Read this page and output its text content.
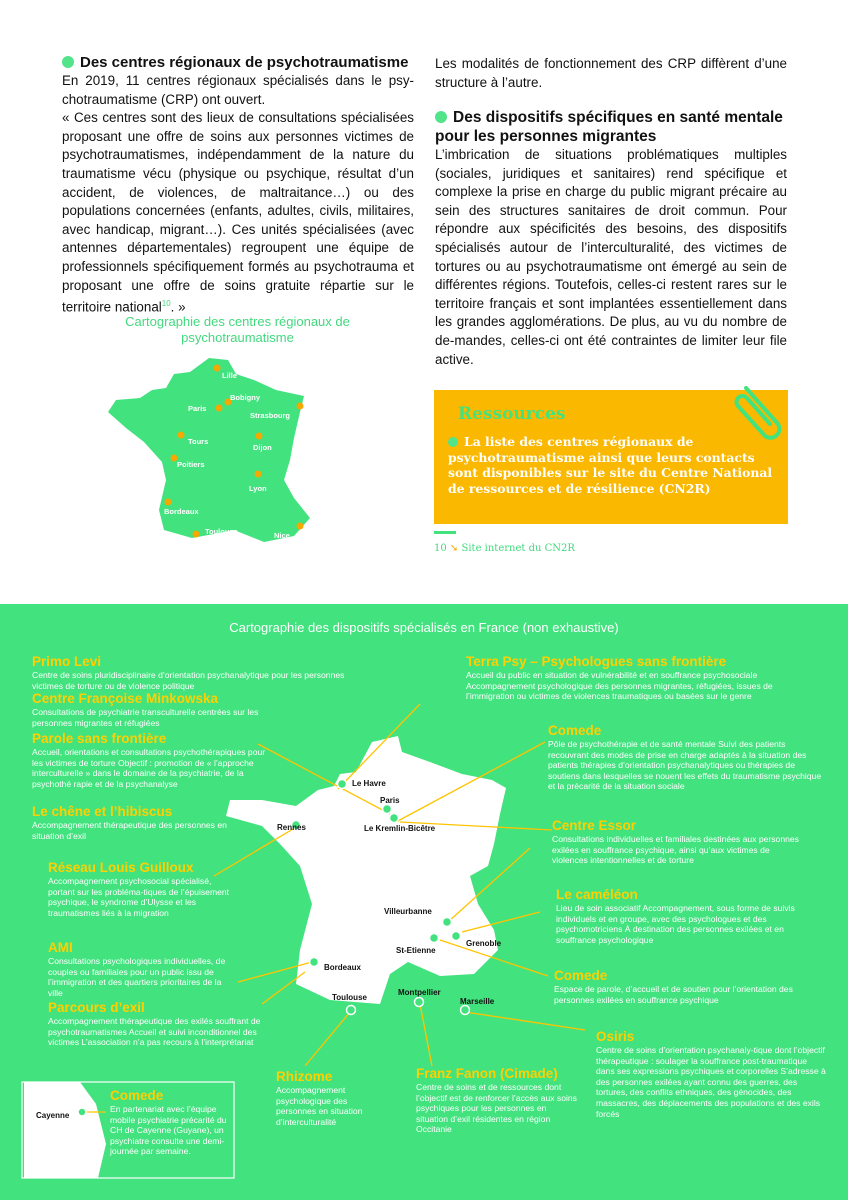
Des centres régionaux de psychotraumatisme
En 2019, 11 centres régionaux spécialisés dans le psy-chotraumatisme (CRP) ont ouvert.
« Ces centres sont des lieux de consultations spécialisées proposant une offre de soins aux personnes victimes de psychotraumatismes, indépendamment de la nature du traumatisme vécu (physique ou psychique, résultat d’un accident, de violences, de maltraitance…) ou des populations concernées (enfants, adultes, civils, militaires, avec handicap, migrant…). Ces unités spécialisées (avec antennes départementales) regroupent une équipe de professionnels spécifiquement formés au psychotrauma et proposant une offre de soins gratuite répartie sur le territoire national$^{10}$. »
Cartographie des centres régionaux de psychotraumatisme
Lille
Bobigny
Paris
Strasbourg
Tours
Dijon
Poitiers
Lyon
Bordeaux
Toulouse	Nice
Les modalités de fonctionnement des CRP diffèrent d’une structure à l’autre.
Des dispositifs spécifiques en santé mentale pour les personnes migrantes
L’imbrication de situations problématiques multiples (sociales, juridiques et sanitaires) rend spécifique et complexe la prise en charge du public migrant précaire au sein des structures sanitaires de droit commun. Pour répondre aux spécificités des besoins, des dispositifs spécialisés autour de l’interculturalité, des victimes de tortures ou au psychotraumatisme ont émergé au sein de différentes régions. Toutefois, celles-ci restent rares sur le territoire français et sont implantées essentiellement dans les grandes agglomérations. De plus, au vu du nombre de de-mandes, celles-ci ont été contraintes de limiter leur file active.
Ressources
La liste des centres régionaux de psychotraumatisme ainsi que leurs contacts sont disponibles sur le site du Centre National de ressources et de résilience (CN2R)
10 ➘ Site internet du CN2R
Cartographie des dispositifs spécialisés en France (non exhaustive)
Le Havre
Paris
Le Kremlin-Bicêtre
Rennes
Villeurbanne
Grenoble
St-Etienne
Bordeaux
Toulouse
Montpellier
Marseille
Cayenne
Primo Levi
Centre de soins pluridisciplinaire d’orientation psychanalytique pour les personnes victimes de torture ou de violence politique
Centre Françoise Minkowska
Consultations de psychiatrie transculturelle centrées sur les personnes migrantes et réfugiées
Parole sans frontière
Accueil, orientations et consultations psychothérapiques pour les victimes de torture Objectif : promotion de « l’approche interculturelle » dans le domaine de la psychiatrie, de la psychothé rapie et de la psychanalyse
Le chêne et l’hibiscus
Accompagnement thérapeutique des personnes en situation d’exil
Réseau Louis Guilloux
Accompagnement psychosocial spécialisé, portant sur les probléma-tiques de l’épuisement psychique, le syndrome d’Ulysse et les traumatismes liés à la migration
AMI
Consultations psychologiques individuelles, de couples ou familiales pour un public issu de l’immigration et des quartiers prioritaires de la ville
Parcours d’exil
Accompagnement thérapeutique des exilés souffrant de psychotraumatismes Accueil et suivi inconditionnel des victimes L’association n’a pas recours à l’interprétariat
Comede
En partenariat avec l’équipe mobile psychiatrie précarité du CH de Cayenne (Guyane), un psychiatre consulte une demi-journée par semaine.
Rhizome
Accompagnement psychologique des personnes en situation d’interculturalité
Franz Fanon (Cimade)
Centre de soins et de ressources dont l’objectif est de renforcer l’accès aux soins psychiques pour les personnes en situation d’exil résidentes en région Occitanie
Terra Psy – Psychologues sans frontière
Accueil du public en situation de vulnérabilité et en souffrance psychosociale Accompagnement psychologique des personnes migrantes, réfugiées, issues de l’immigration ou victimes de violences traumatiques ou basées sur le genre
Comede
Pôle de psychothérapie et de santé mentale Suivi des patients recouvrant des modes de prise en charge adaptés à la situation des patients thérapies d’orientation psychanalytiques ou thérapies de soutiens dans lesquelles se nouent les effets du traumatisme psychique et la précarité de la situation sociale
Centre Essor
Consultations individuelles et familiales destinées aux personnes exilées en souffrance psychique, ainsi qu’aux victimes de violences intentionnelles et de torture
Le caméléon
Lieu de soin associatif Accompagnement, sous forme de suivis individuels et en groupe, avec des psychologues et des psychomotriciens À destination des personnes exilées et en souffrance psychologique
Comede
Espace de parole, d’accueil et de soutien pour l’orientation des personnes exilées en souffrance psychique
Osiris
Centre de soins d’orientation psychanaly-tique dont l’objectif thérapeutique : soulager la souffrance post-traumatique dans ses expressions psychiques et corporelles S’adresse à des personnes exilées ayant connu des guerres, des tortures, des conflits ethniques, des génocides, des massacres, des déplacements des populations et des exils forcés
